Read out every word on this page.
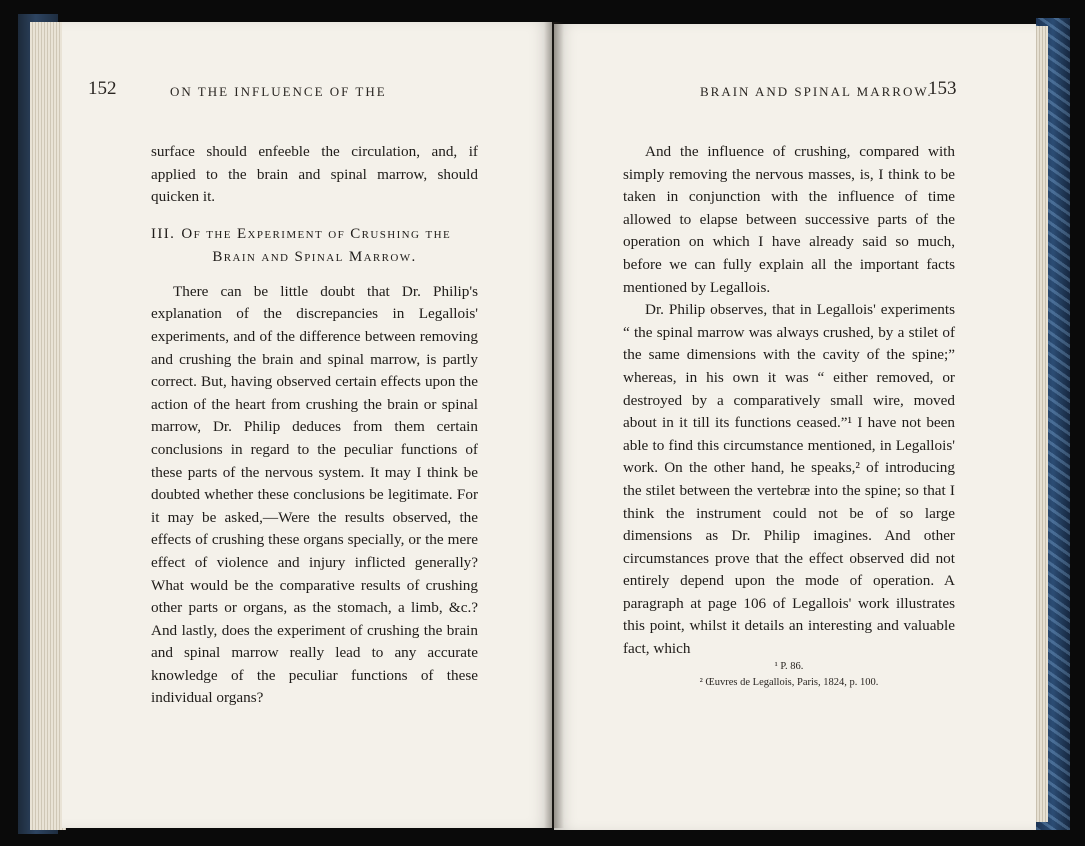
152	ON THE INFLUENCE OF THE

surface should enfeeble the circulation, and, if applied to the brain and spinal marrow, should quicken it.

III. Of the Experiment of Crushing the
Brain and Spinal Marrow.

There can be little doubt that Dr. Philip's explanation of the discrepancies in Legallois' experiments, and of the difference between removing and crushing the brain and spinal marrow, is partly correct. But, having observed certain effects upon the action of the heart from crushing the brain or spinal marrow, Dr. Philip deduces from them certain conclusions in regard to the peculiar functions of these parts of the nervous system. It may I think be doubted whether these conclusions be legitimate. For it may be asked,—Were the results observed, the effects of crushing these organs specially, or the mere effect of violence and injury inflicted generally? What would be the comparative results of crushing other parts or organs, as the stomach, a limb, &c.? And lastly, does the experiment of crushing the brain and spinal marrow really lead to any accurate knowledge of the peculiar functions of these individual organs?

BRAIN AND SPINAL MARROW.
153

And the influence of crushing, compared with simply removing the nervous masses, is, I think to be taken in conjunction with the influence of time allowed to elapse between successive parts of the operation on which I have already said so much, before we can fully explain all the important facts mentioned by Legallois.

Dr. Philip observes, that in Legallois' experiments “ the spinal marrow was always crushed, by a stilet of the same dimensions with the cavity of the spine;” whereas, in his own it was “ either removed, or destroyed by a comparatively small wire, moved about in it till its functions ceased.”¹ I have not been able to find this circumstance mentioned, in Legallois' work. On the other hand, he speaks,² of introducing the stilet between the vertebræ into the spine; so that I think the instrument could not be of so large dimensions as Dr. Philip imagines. And other circumstances prove that the effect observed did not entirely depend upon the mode of operation. A paragraph at page 106 of Legallois' work illustrates this point, whilst it details an interesting and valuable fact, which

¹ P. 86.
² Œuvres de Legallois, Paris, 1824, p. 100.
